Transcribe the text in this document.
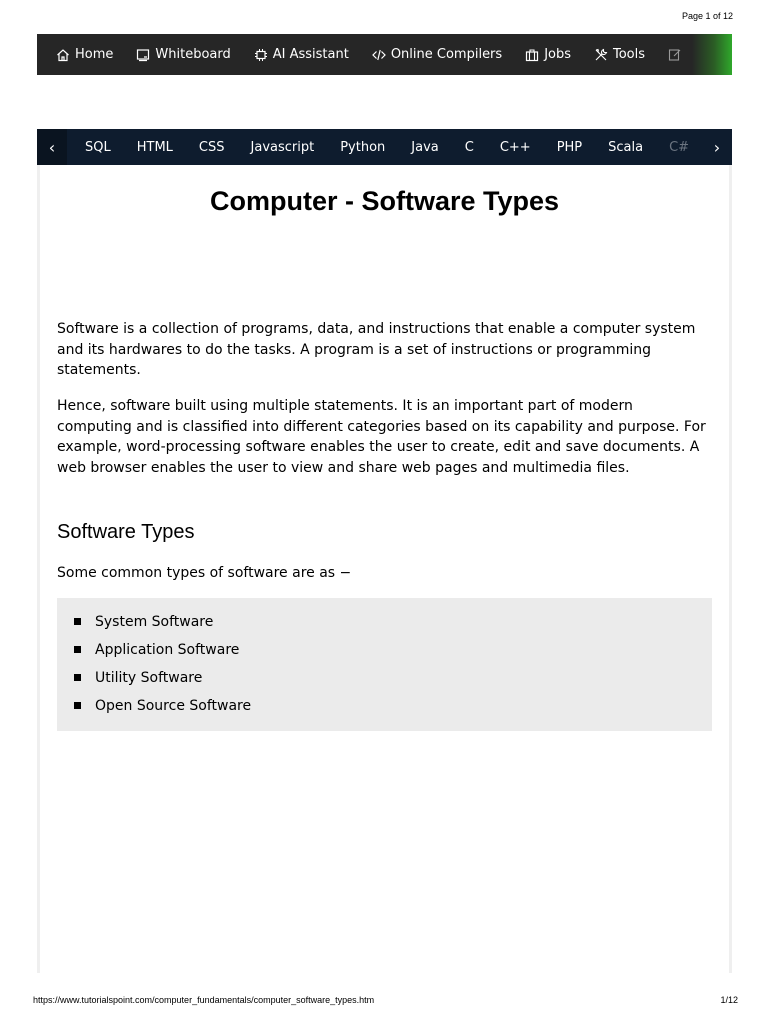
Page 1 of 12
Home	Whiteboard	AI Assistant	Online Compilers	Jobs	Tools
‹ SQL HTML CSS Javascript Python Java C C++ PHP Scala C# ›
Computer - Software Types

Software is a collection of programs, data, and instructions that enable a computer system and its hardwares to do the tasks. A program is a set of instructions or programming statements.

Hence, software built using multiple statements. It is an important part of modern computing and is classified into different categories based on its capability and purpose. For example, word-processing software enables the user to create, edit and save documents. A web browser enables the user to view and share web pages and multimedia files.

Software Types

Some common types of software are as −

System Software
Application Software
Utility Software
Open Source Software
https://www.tutorialspoint.com/computer_fundamentals/computer_software_types.htm	1/12
